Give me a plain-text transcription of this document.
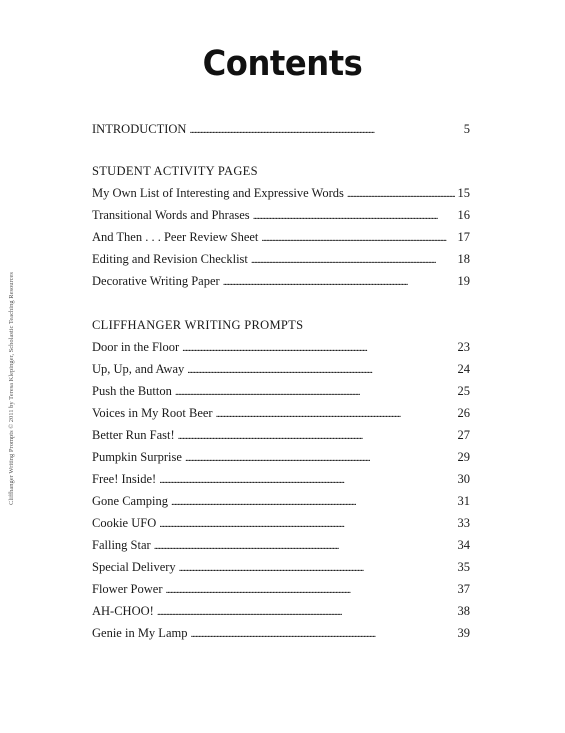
Contents
Cliffhanger Writing Prompts © 2011 by Teresa Klepinger, Scholastic Teaching Resources
INTRODUCTION . . .	5
STUDENT ACTIVITY PAGES
My Own List of Interesting and Expressive Words . . .	15
Transitional Words and Phrases . . .	16
And Then . . . Peer Review Sheet . . .	17
Editing and Revision Checklist . . .	18
Decorative Writing Paper . . .	19
CLIFFHANGER WRITING PROMPTS
Door in the Floor . . .	23
Up, Up, and Away . . .	24
Push the Button . . .	25
Voices in My Root Beer . . .	26
Better Run Fast! . . .	27
Pumpkin Surprise . . .	29
Free! Inside! . . .	30
Gone Camping . . .	31
Cookie UFO . . .	33
Falling Star . . .	34
Special Delivery . . .	35
Flower Power . . .	37
AH-CHOO! . . .	38
Genie in My Lamp . . .	39
